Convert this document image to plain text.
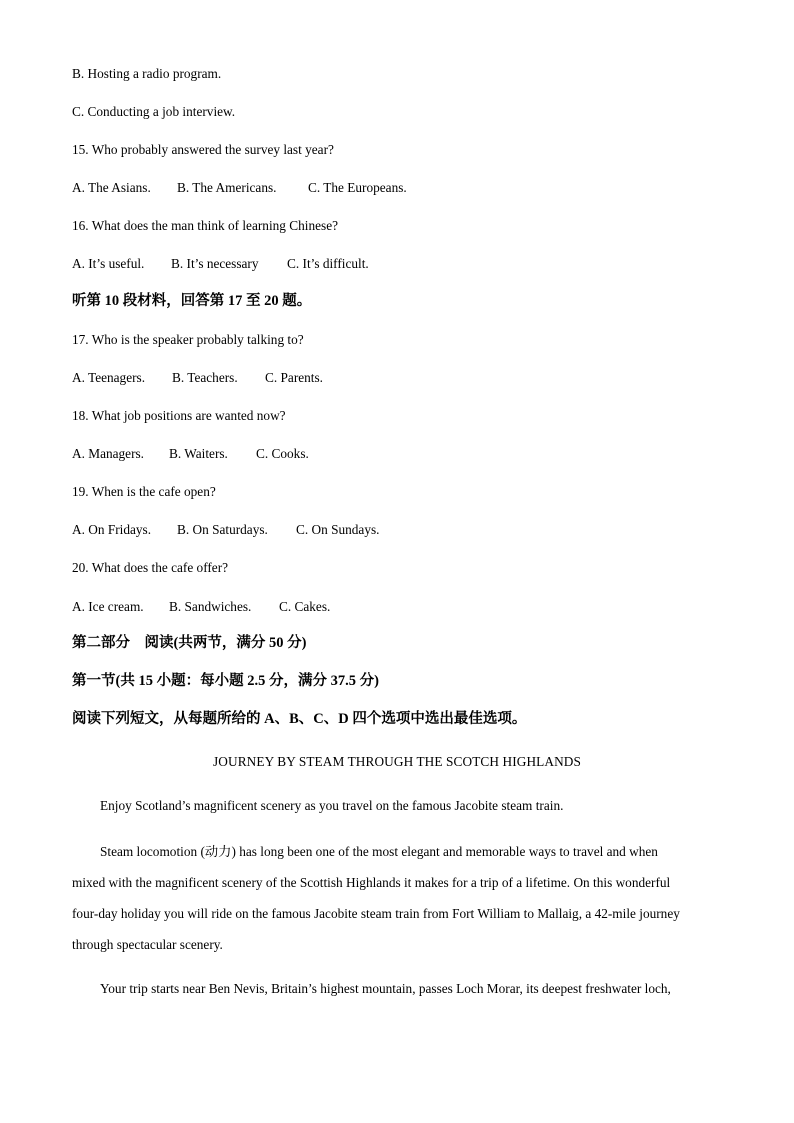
B. Hosting a radio program.
C. Conducting a job interview.
15. Who probably answered the survey last year?
A. The Asians. B. The Americans. C. The Europeans.
16. What does the man think of learning Chinese?
A. It’s useful. B. It’s necessary C. It’s difficult.
听第 10 段材料，回答第 17 至 20 题。
17. Who is the speaker probably talking to?
A. Teenagers. B. Teachers. C. Parents.
18. What job positions are wanted now?
A. Managers. B. Waiters. C. Cooks.
19. When is the cafe open?
A. On Fridays. B. On Saturdays. C. On Sundays.
20. What does the cafe offer?
A. Ice cream. B. Sandwiches. C. Cakes.
第二部分　阅读(共两节，满分 50 分)
第一节(共 15 小题：每小题 2.5 分，满分 37.5 分)
阅读下列短文，从每题所给的 A、B、C、D 四个选项中选出最佳选项。
JOURNEY BY STEAM THROUGH THE SCOTCH HIGHLANDS
Enjoy Scotland’s magnificent scenery as you travel on the famous Jacobite steam train.
Steam locomotion (动力) has long been one of the most elegant and memorable ways to travel and when
mixed with the magnificent scenery of the Scottish Highlands it makes for a trip of a lifetime. On this wonderful
four-day holiday you will ride on the famous Jacobite steam train from Fort William to Mallaig, a 42-mile journey
through spectacular scenery.
Your trip starts near Ben Nevis, Britain’s highest mountain, passes Loch Morar, its deepest freshwater loch,
